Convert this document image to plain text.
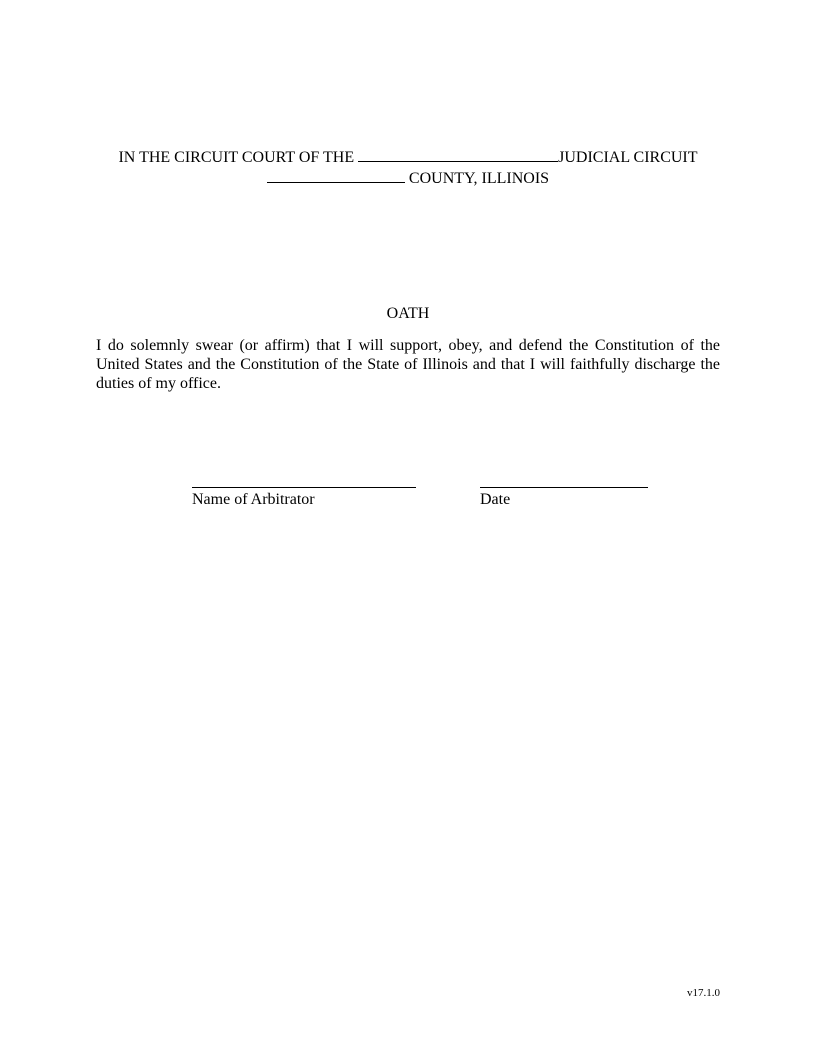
IN THE CIRCUIT COURT OF THE	JUDICIAL CIRCUIT
COUNTY, ILLINOIS
OATH

I do solemnly swear (or affirm) that I will support, obey, and defend the Constitution of the United States and the Constitution of the State of Illinois and that I will faithfully discharge the duties of my office.

Name of Arbitrator	Date
v17.1.0
